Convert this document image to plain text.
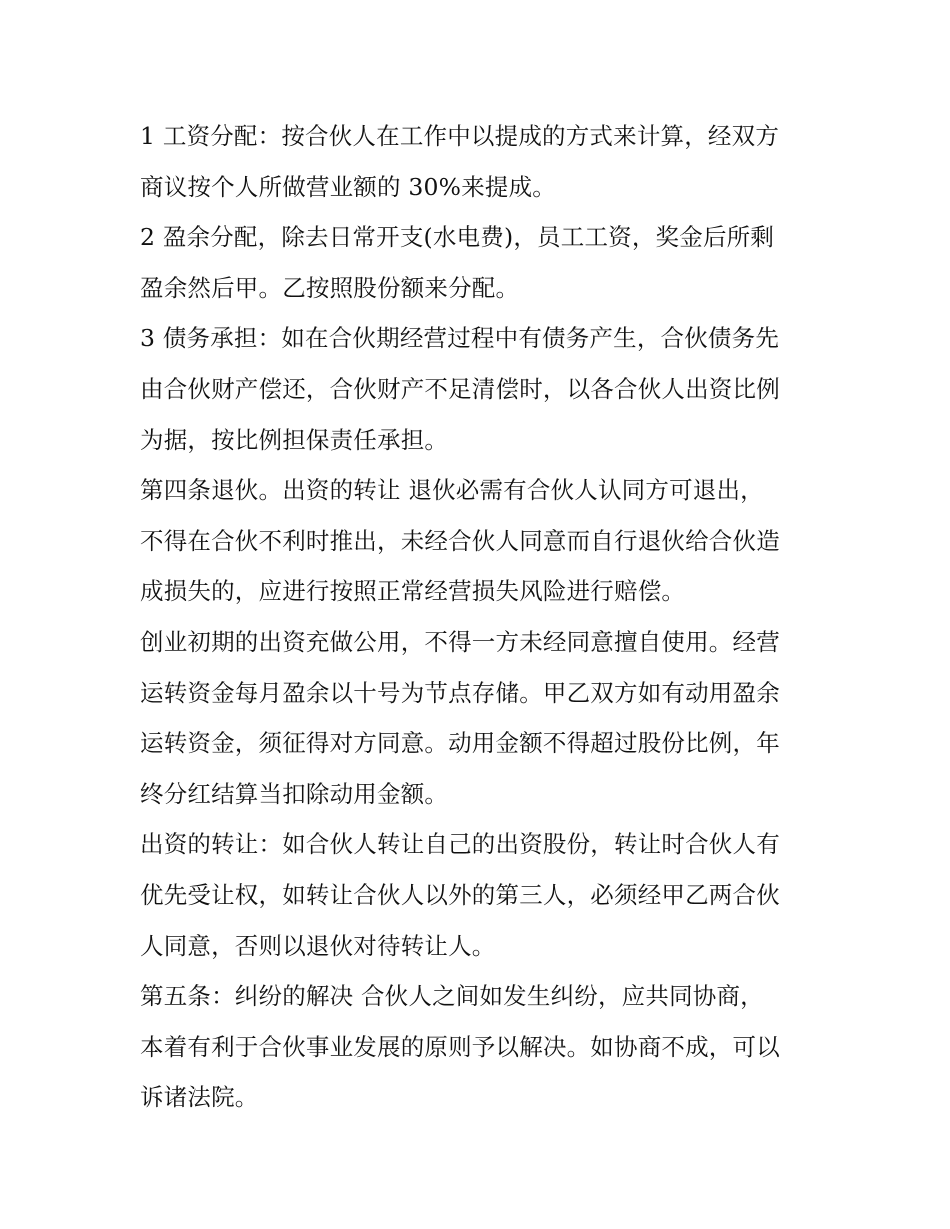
1 工资分配：按合伙人在工作中以提成的方式来计算，经双方
商议按个人所做营业额的 30%来提成。
2 盈余分配，除去日常开支(水电费)，员工工资，奖金后所剩
盈余然后甲。乙按照股份额来分配。
3 债务承担：如在合伙期经营过程中有债务产生，合伙债务先
由合伙财产偿还，合伙财产不足清偿时，以各合伙人出资比例
为据，按比例担保责任承担。
第四条退伙。出资的转让 退伙必需有合伙人认同方可退出，
不得在合伙不利时推出，未经合伙人同意而自行退伙给合伙造
成损失的，应进行按照正常经营损失风险进行赔偿。
创业初期的出资充做公用，不得一方未经同意擅自使用。经营
运转资金每月盈余以十号为节点存储。甲乙双方如有动用盈余
运转资金，须征得对方同意。动用金额不得超过股份比例，年
终分红结算当扣除动用金额。
出资的转让：如合伙人转让自己的出资股份，转让时合伙人有
优先受让权，如转让合伙人以外的第三人，必须经甲乙两合伙
人同意，否则以退伙对待转让人。
第五条：纠纷的解决 合伙人之间如发生纠纷，应共同协商，
本着有利于合伙事业发展的原则予以解决。如协商不成，可以
诉诸法院。
